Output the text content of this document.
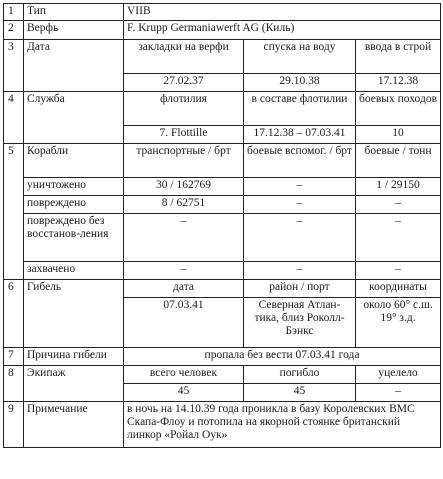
1	Тип	VIIB		
2	Верфь	F. Krupp Germaniawerft AG (Киль)		
3	Дата	закладки на верфи	спуска на воду	ввода в строй
		27.02.37	29.10.38	17.12.38
4	Служба	флотилия	в составе флотилии	боевых походов
		7. Flottille	17.12.38 – 07.03.41	10
5	Корабли	транспортные / брт	боевые вспомог. / брт	боевые / тонн
	уничтожено	30 / 162769	–	1 / 29150
	повреждено	8 / 62751	–	–
	повреждено без восстанов-ления	–	–	–
	захвачено	–	–	–
6	Гибель	дата	район / порт	координаты
		07.03.41	Северная Атлан-тика, близ Роколл-Бэнкс	около 60° с.ш. 19° з.д.
7	Причина гибели	пропала без вести 07.03.41 года		
8	Экипаж	всего человек	погибло	уцелело
		45	45	–
9	Примечание	в ночь на 14.10.39 года проникла в базу Королевских ВМС Скапа-Флоу и потопила на якорной стоянке британский линкор «Ройал Оук»		
